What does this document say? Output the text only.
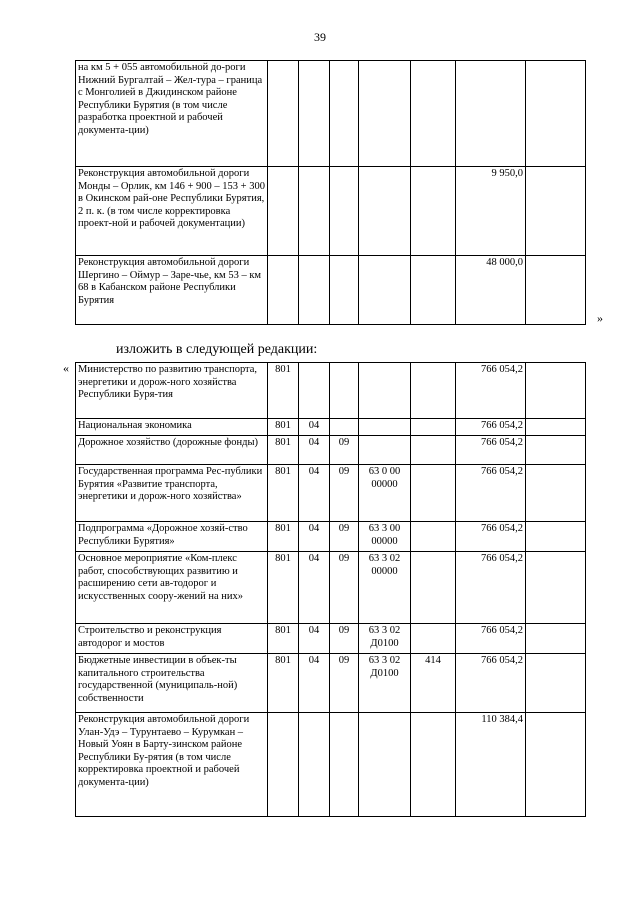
39
на км 5 + 055 автомобильной до-роги Нижний Бургалтай – Жел-тура – граница с Монголией в Джидинском районе Республики Бурятия (в том числе разработка проектной и рабочей документа-ции)							
Реконструкция автомобильной дороги Монды – Орлик, км 146 + 900 – 153 + 300 в Окинском рай-оне Республики Бурятия, 2 п. к. (в том числе корректировка проект-ной и рабочей документации)						9 950,0	
Реконструкция автомобильной дороги Шергино – Оймур – Заре-чье, км 53 – км 68 в Кабанском районе Республики Бурятия						48 000,0	
»
изложить в следующей редакции:
« Министерство по развитию транспорта, энергетики и дорож-ного хозяйства Республики Буря-тия	801					766 054,2	
Национальная экономика	801	04				766 054,2	
Дорожное хозяйство (дорожные фонды)	801	04	09			766 054,2	
Государственная программа Рес-публики Бурятия «Развитие транспорта, энергетики и дорож-ного хозяйства»	801	04	09	63 0 00 00000		766 054,2	
Подпрограмма «Дорожное хозяй-ство Республики Бурятия»	801	04	09	63 3 00 00000		766 054,2	
Основное мероприятие «Ком-плекс работ, способствующих развитию и расширению сети ав-тодорог и искусственных соору-жений на них»	801	04	09	63 3 02 00000		766 054,2	
Строительство и реконструкция автодорог и мостов	801	04	09	63 3 02 Д0100		766 054,2	
Бюджетные инвестиции в объек-ты капитального строительства государственной (муниципаль-ной) собственности	801	04	09	63 3 02 Д0100	414	766 054,2	
Реконструкция автомобильной дороги Улан-Удэ – Турунтаево – Курумкан – Новый Уоян в Барту-зинском районе Республики Бу-рятия (в том числе корректировка проектной и рабочей документа-ции)						110 384,4	
